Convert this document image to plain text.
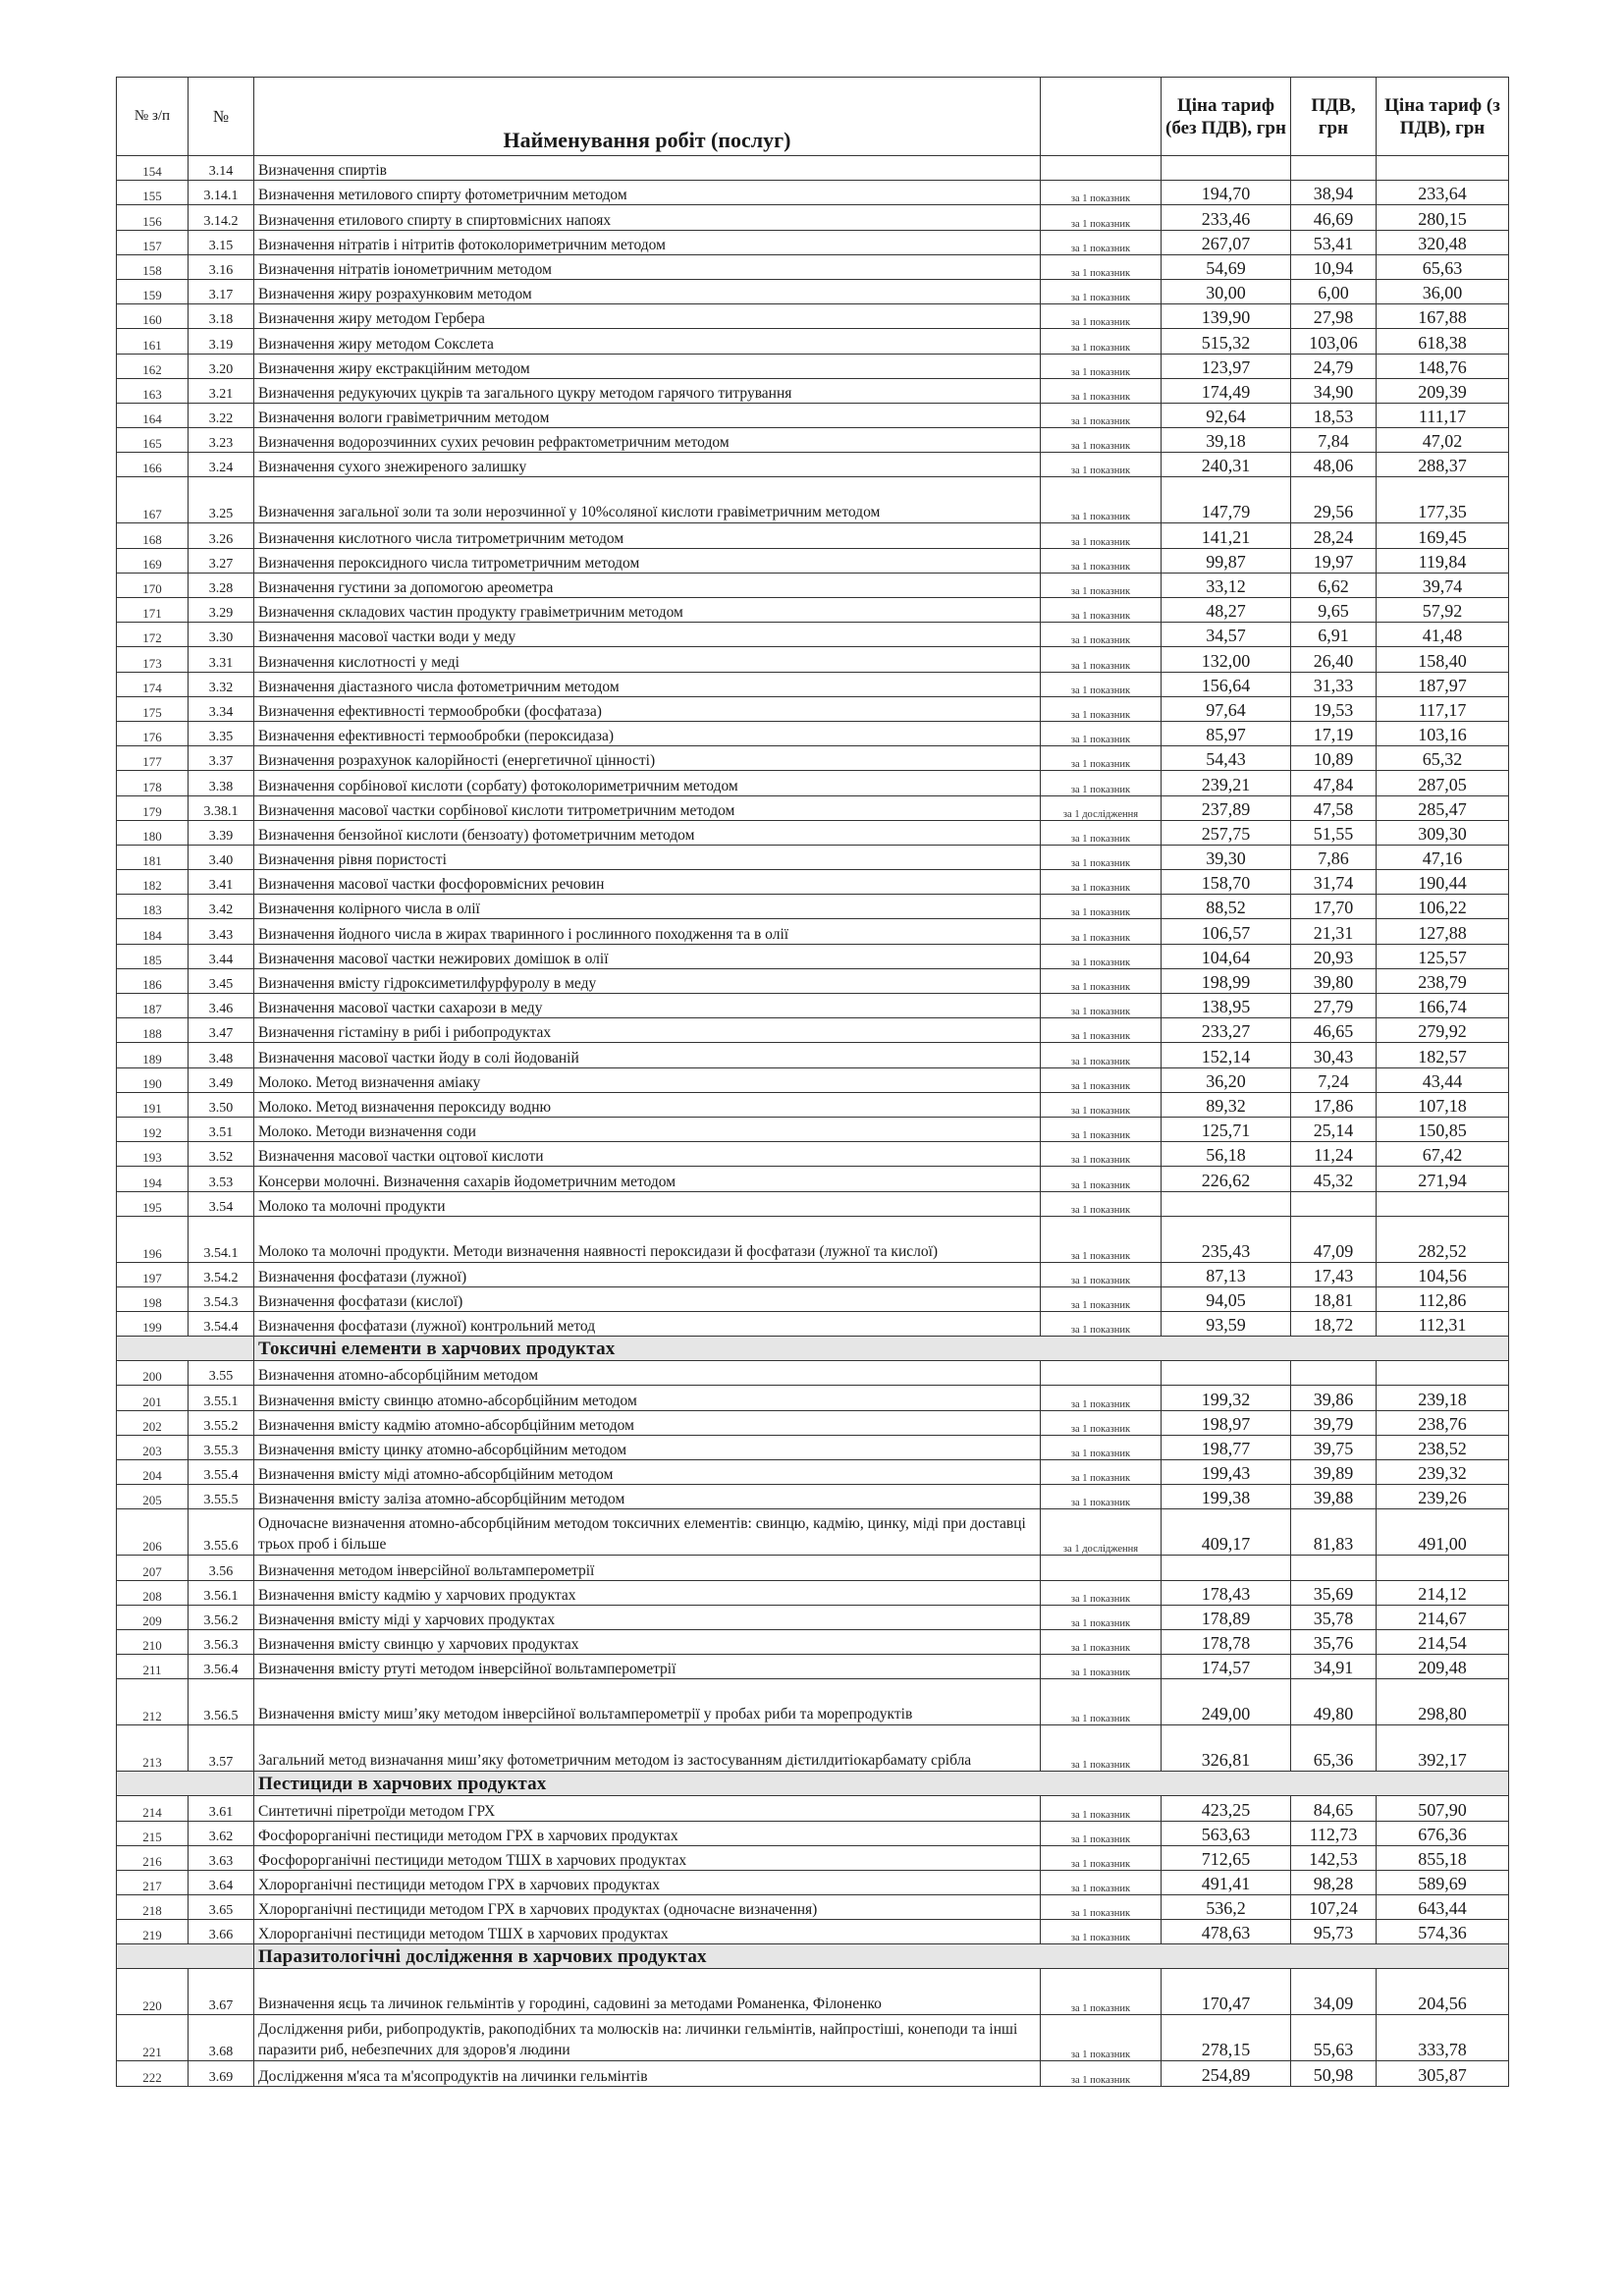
№ з/п	№	Найменування робіт (послуг)		Ціна тариф (без ПДВ), грн	ПДВ, грн	Ціна тариф (з ПДВ), грн
154	3.14	Визначення спиртів				
155	3.14.1	Визначення метилового спирту фотометричним методом	за 1 показник	194,70	38,94	233,64
156	3.14.2	Визначення етилового спирту в спиртовмісних напоях	за 1 показник	233,46	46,69	280,15
157	3.15	Визначення нітратів і нітритів фотоколориметричним методом	за 1 показник	267,07	53,41	320,48
158	3.16	Визначення нітратів іонометричним методом	за 1 показник	54,69	10,94	65,63
159	3.17	Визначення жиру розрахунковим методом	за 1 показник	30,00	6,00	36,00
160	3.18	Визначення жиру методом Гербера	за 1 показник	139,90	27,98	167,88
161	3.19	Визначення жиру методом Сокслета	за 1 показник	515,32	103,06	618,38
162	3.20	Визначення жиру екстракційним методом	за 1 показник	123,97	24,79	148,76
163	3.21	Визначення редукуючих цукрів та загального цукру методом гарячого титрування	за 1 показник	174,49	34,90	209,39
164	3.22	Визначення вологи гравіметричним методом	за 1 показник	92,64	18,53	111,17
165	3.23	Визначення водорозчинних сухих речовин рефрактометричним методом	за 1 показник	39,18	7,84	47,02
166	3.24	Визначення сухого знежиреного залишку	за 1 показник	240,31	48,06	288,37
167	3.25	Визначення загальної золи та золи нерозчинної у 10%соляної кислоти гравіметричним методом	за 1 показник	147,79	29,56	177,35
168	3.26	Визначення кислотного числа титрометричним методом	за 1 показник	141,21	28,24	169,45
169	3.27	Визначення пероксидного числа титрометричним методом	за 1 показник	99,87	19,97	119,84
170	3.28	Визначення густини за допомогою ареометра	за 1 показник	33,12	6,62	39,74
171	3.29	Визначення складових частин продукту гравіметричним методом	за 1 показник	48,27	9,65	57,92
172	3.30	Визначення масової частки води у меду	за 1 показник	34,57	6,91	41,48
173	3.31	Визначення кислотності у меді	за 1 показник	132,00	26,40	158,40
174	3.32	Визначення діастазного числа фотометричним методом	за 1 показник	156,64	31,33	187,97
175	3.34	Визначення ефективності термообробки (фосфатаза)	за 1 показник	97,64	19,53	117,17
176	3.35	Визначення ефективності термообробки (пероксидаза)	за 1 показник	85,97	17,19	103,16
177	3.37	Визначення розрахунок калорійності (енергетичної цінності)	за 1 показник	54,43	10,89	65,32
178	3.38	Визначення сорбінової кислоти (сорбату) фотоколориметричним методом	за 1 показник	239,21	47,84	287,05
179	3.38.1	Визначення масової частки сорбінової кислоти титрометричним методом	за 1 дослідження	237,89	47,58	285,47
180	3.39	Визначення бензойної кислоти (бензоату) фотометричним методом	за 1 показник	257,75	51,55	309,30
181	3.40	Визначення рівня пористості	за 1 показник	39,30	7,86	47,16
182	3.41	Визначення масової частки фосфоровмісних речовин	за 1 показник	158,70	31,74	190,44
183	3.42	Визначення колірного числа в олії	за 1 показник	88,52	17,70	106,22
184	3.43	Визначення йодного числа в жирах тваринного і рослинного походження та в олії	за 1 показник	106,57	21,31	127,88
185	3.44	Визначення масової частки нежирових домішок в олії	за 1 показник	104,64	20,93	125,57
186	3.45	Визначення вмісту гідроксиметилфурфуролу в меду	за 1 показник	198,99	39,80	238,79
187	3.46	Визначення масової частки сахарози в меду	за 1 показник	138,95	27,79	166,74
188	3.47	Визначення гістаміну в рибі і рибопродуктах	за 1 показник	233,27	46,65	279,92
189	3.48	Визначення масової частки йоду в солі йодованій	за 1 показник	152,14	30,43	182,57
190	3.49	Молоко. Метод визначення аміаку	за 1 показник	36,20	7,24	43,44
191	3.50	Молоко. Метод визначення пероксиду водню	за 1 показник	89,32	17,86	107,18
192	3.51	Молоко. Методи визначення соди	за 1 показник	125,71	25,14	150,85
193	3.52	Визначення масової частки оцтової кислоти	за 1 показник	56,18	11,24	67,42
194	3.53	Консерви молочні. Визначення сахарів йодометричним методом	за 1 показник	226,62	45,32	271,94
195	3.54	Молоко та молочні продукти	за 1 показник			
196	3.54.1	Молоко та молочні продукти. Методи визначення наявності пероксидази й фосфатази (лужної та кислої)	за 1 показник	235,43	47,09	282,52
197	3.54.2	Визначення фосфатази (лужної)	за 1 показник	87,13	17,43	104,56
198	3.54.3	Визначення фосфатази (кислої)	за 1 показник	94,05	18,81	112,86
199	3.54.4	Визначення фосфатази (лужної) контрольний метод	за 1 показник	93,59	18,72	112,31
		Токсичні елементи в харчових продуктах				
200	3.55	Визначення атомно-абсорбційним методом				
201	3.55.1	Визначення вмісту свинцю атомно-абсорбційним методом	за 1 показник	199,32	39,86	239,18
202	3.55.2	Визначення вмісту кадмію атомно-абсорбційним методом	за 1 показник	198,97	39,79	238,76
203	3.55.3	Визначення вмісту цинку атомно-абсорбційним методом	за 1 показник	198,77	39,75	238,52
204	3.55.4	Визначення вмісту міді атомно-абсорбційним методом	за 1 показник	199,43	39,89	239,32
205	3.55.5	Визначення вмісту заліза атомно-абсорбційним методом	за 1 показник	199,38	39,88	239,26
206	3.55.6	Одночасне визначення атомно-абсорбційним методом токсичних елементів: свинцю, кадмію, цинку, міді при доставці трьох проб і більше	за 1 дослідження	409,17	81,83	491,00
207	3.56	Визначення методом інверсійної вольтамперометрії				
208	3.56.1	Визначення вмісту кадмію у харчових продуктах	за 1 показник	178,43	35,69	214,12
209	3.56.2	Визначення вмісту міді у харчових продуктах	за 1 показник	178,89	35,78	214,67
210	3.56.3	Визначення вмісту свинцю у харчових продуктах	за 1 показник	178,78	35,76	214,54
211	3.56.4	Визначення вмісту ртуті методом інверсійної вольтамперометрії	за 1 показник	174,57	34,91	209,48
212	3.56.5	Визначення вмісту миш’яку методом інверсійної вольтамперометрії у пробах риби та морепродуктів	за 1 показник	249,00	49,80	298,80
213	3.57	Загальний метод визначання миш’яку фотометричним методом із застосуванням дієтилдитіокарбамату срібла	за 1 показник	326,81	65,36	392,17
		Пестициди в харчових продуктах				
214	3.61	Синтетичні піретроїди методом ГРХ	за 1 показник	423,25	84,65	507,90
215	3.62	Фосфорорганічні пестициди методом ГРХ в харчових продуктах	за 1 показник	563,63	112,73	676,36
216	3.63	Фосфорорганічні пестициди методом ТШХ в харчових продуктах	за 1 показник	712,65	142,53	855,18
217	3.64	Хлорорганічні пестициди методом ГРХ в харчових продуктах	за 1 показник	491,41	98,28	589,69
218	3.65	Хлорорганічні пестициди методом ГРХ в харчових продуктах (одночасне визначення)	за 1 показник	536,2	107,24	643,44
219	3.66	Хлорорганічні пестициди методом ТШХ в харчових продуктах	за 1 показник	478,63	95,73	574,36
		Паразитологічні дослідження в харчових продуктах				
220	3.67	Визначення яєць та личинок гельмінтів у городині, садовині за методами Романенка, Філоненко	за 1 показник	170,47	34,09	204,56
221	3.68	Дослідження риби, рибопродуктів, ракоподібних та молюсків на: личинки гельмінтів, найпростіші, конеподи та інші паразити риб, небезпечних для здоров'я людини	за 1 показник	278,15	55,63	333,78
222	3.69	Дослідження м'яса та м'ясопродуктів на личинки гельмінтів	за 1 показник	254,89	50,98	305,87
